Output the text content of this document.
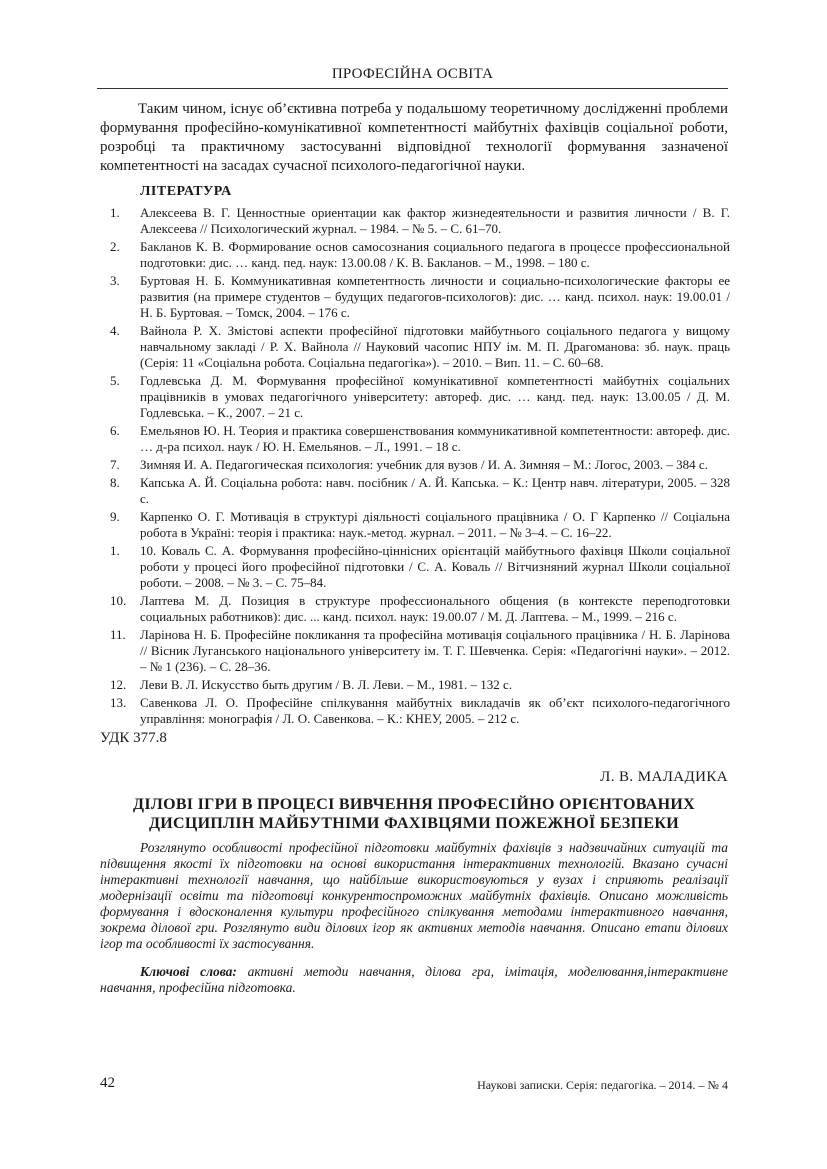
ПРОФЕСІЙНА ОСВІТА

Таким чином, існує об’єктивна потреба у подальшому теоретичному дослідженні проблеми формування професійно-комунікативної компетентності майбутніх фахівців соціальної роботи, розробці та практичному застосуванні відповідної технології формування зазначеної компетентності на засадах сучасної психолого-педагогічної науки.

ЛІТЕРАТУРА

1.	Алексеева В. Г. Ценностные ориентации как фактор жизнедеятельности и развития личности / В. Г. Алексеева // Психологический журнал. – 1984. – № 5. – С. 61–70.
2.	Бакланов К. В. Формирование основ самосознания социального педагога в процессе профессиональной подготовки: дис. … канд. пед. наук: 13.00.08 / К. В. Бакланов. – М., 1998. – 180 с.
3.	Буртовая Н. Б. Коммуникативная компетентность личности и социально-психологические факторы ее развития (на примере студентов – будущих педагогов-психологов): дис. … канд. психол. наук: 19.00.01 / Н. Б. Буртовая. – Томск, 2004. – 176 с.
4.	Вайнола Р. Х. Змістові аспекти професійної підготовки майбутнього соціального педагога у вищому навчальному закладі / Р. Х. Вайнола // Науковий часопис НПУ ім. М. П. Драгоманова: зб. наук. праць (Серія: 11 «Соціальна робота. Соціальна педагогіка»). – 2010. – Вип. 11. – С. 60–68.
5.	Годлевська Д. М. Формування професійної комунікативної компетентності майбутніх соціальних працівників в умовах педагогічного університету: автореф. дис. … канд. пед. наук: 13.00.05 / Д. М. Годлевська. – К., 2007. – 21 с.
6.	Емельянов Ю. Н. Теория и практика совершенствования коммуникативной компетентности: автореф. дис. … д-ра психол. наук / Ю. Н. Емельянов. – Л., 1991. – 18 с.
7.	Зимняя И. А. Педагогическая психология: учебник для вузов / И. А. Зимняя – М.: Логос, 2003. – 384 с.
8.	Капська А. Й. Соціальна робота: навч. посібник / А. Й. Капська. – К.: Центр навч. літератури, 2005. – 328 с.
9.	Карпенко О. Г. Мотивація в структурі діяльності соціального працівника / О. Г Карпенко // Соціальна робота в Україні: теорія і практика: наук.-метод. журнал. – 2011. – № 3–4. – С. 16–22.
1.	10. Коваль С. А. Формування професійно-ціннісних орієнтацій майбутнього фахівця Школи соціальної роботи у процесі його професійної підготовки / С. А. Коваль // Вітчизняний журнал Школи соціальної роботи. – 2008. – № 3. – С. 75–84.
10.	Лаптева М. Д. Позиция в структуре профессионального общения (в контексте переподготовки социальных работников): дис. ... канд. психол. наук: 19.00.07 / М. Д. Лаптева. – М., 1999. – 216 с.
11.	Ларінова Н. Б. Професійне покликання та професійна мотивація соціального працівника / Н. Б. Ларінова // Вісник Луганського національного університету ім. Т. Г. Шевченка. Серія: «Педагогічні науки». – 2012. – № 1 (236). – С. 28–36.
12.	Леви В. Л. Искусство быть другим / В. Л. Леви. – М., 1981. – 132 с.
13.	Савенкова Л. О. Професійне спілкування майбутніх викладачів як об’єкт психолого-педагогічного управління: монографія / Л. О. Савенкова. – К.: КНЕУ, 2005. – 212 с.

УДК 377.8

Л. В. МАЛАДИКА

ДІЛОВІ ІГРИ В ПРОЦЕСІ ВИВЧЕННЯ ПРОФЕСІЙНО ОРІЄНТОВАНИХ ДИСЦИПЛІН МАЙБУТНІМИ ФАХІВЦЯМИ ПОЖЕЖНОЇ БЕЗПЕКИ

Розглянуто особливості професійної підготовки майбутніх фахівців з надзвичайних ситуацій та підвищення якості їх підготовки на основі використання інтерактивних технологій. Вказано сучасні інтерактивні технології навчання, що найбільше використовуються у вузах і сприяють реалізації модернізації освіти та підготовці конкурентоспроможних майбутніх фахівців. Описано можливість формування і вдосконалення культури професійного спілкування методами інтерактивного навчання, зокрема ділової гри. Розглянуто види ділових ігор як активних методів навчання. Описано етапи ділових ігор та особливості їх застосування.

Ключові слова: активні методи навчання, ділова гра, імітація, моделювання,інтерактивне навчання, професійна підготовка.

42	Наукові записки. Серія: педагогіка. – 2014. – № 4
